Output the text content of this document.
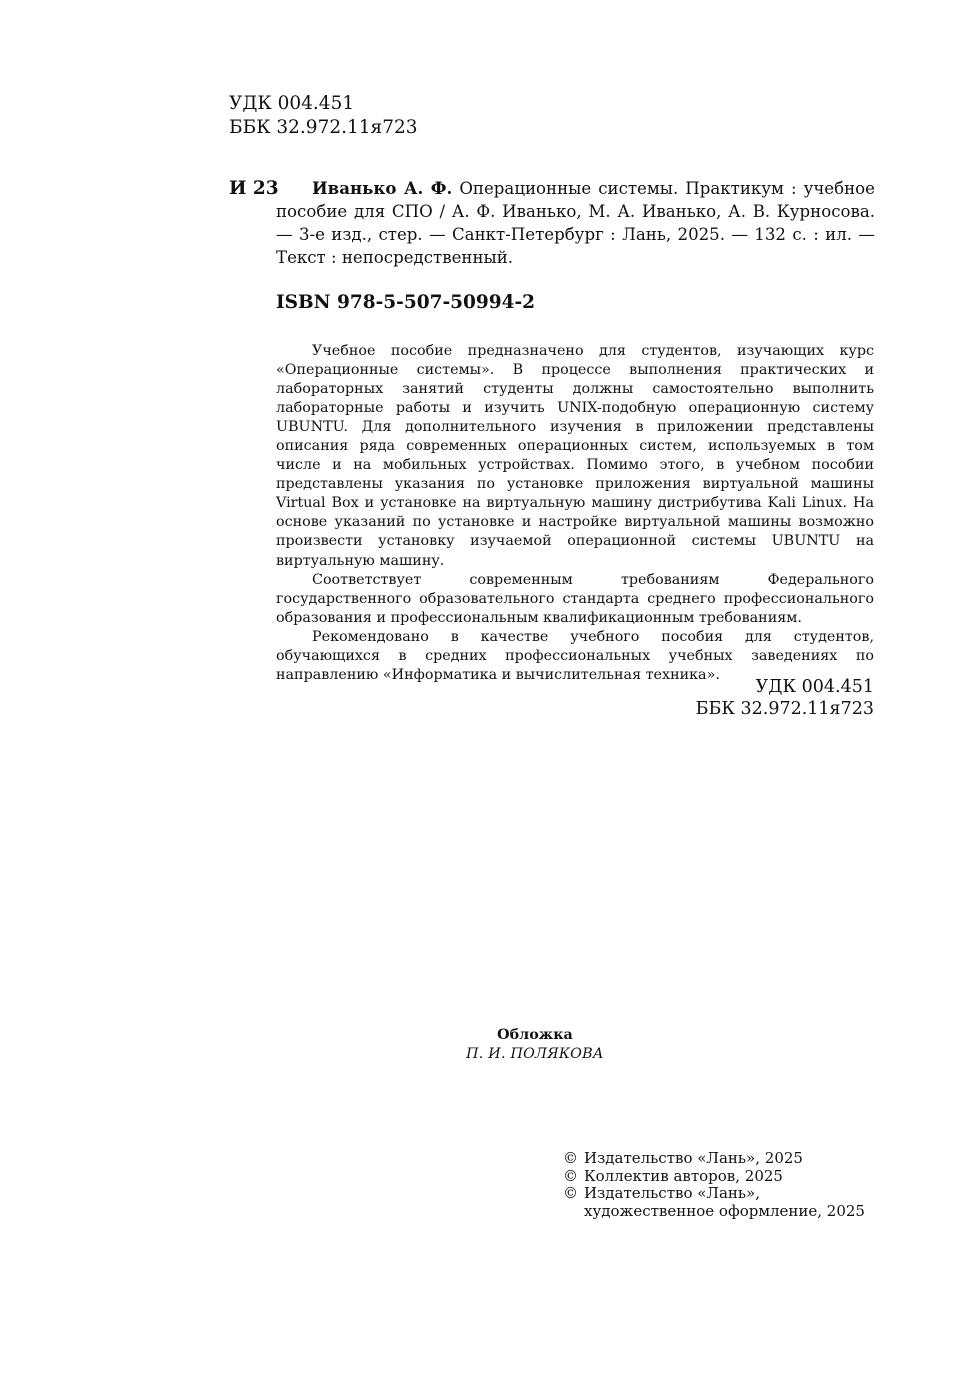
УДК 004.451
ББК 32.972.11я723
И 23	Иванько А. Ф. Операционные системы. Практикум : учебное пособие для СПО / А. Ф. Иванько, М. А. Иванько, А. В. Курносова. — 3-е изд., стер. — Санкт-Петербург : Лань, 2025. — 132 с. : ил. — Текст : непосредственный.
ISBN 978-5-507-50994-2

Учебное пособие предназначено для студентов, изучающих курс «Операционные системы». В процессе выполнения практических и лабораторных занятий студенты должны самостоятельно выполнить лабораторные работы и изучить UNIX-подобную операционную систему UBUNTU. Для дополнительного изучения в приложении представлены описания ряда современных операционных систем, используемых в том числе и на мобильных устройствах. Помимо этого, в учебном пособии представлены указания по установке приложения виртуальной машины Virtual Box и установке на виртуальную машину дистрибутива Kali Linux. На основе указаний по установке и настройке виртуальной машины возможно произвести установку изучаемой операционной системы UBUNTU на виртуальную машину.

Соответствует современным требованиям Федерального государственного образовательного стандарта среднего профессионального образования и профессиональным квалификационным требованиям.

Рекомендовано в качестве учебного пособия для студентов, обучающихся в средних профессиональных учебных заведениях по направлению «Информатика и вычислительная техника».

УДК 004.451
ББК 32.972.11я723
Обложка
П. И. ПОЛЯКОВА
© Издательство «Лань», 2025
© Коллектив авторов, 2025
© Издательство «Лань»,
художественное оформление, 2025
